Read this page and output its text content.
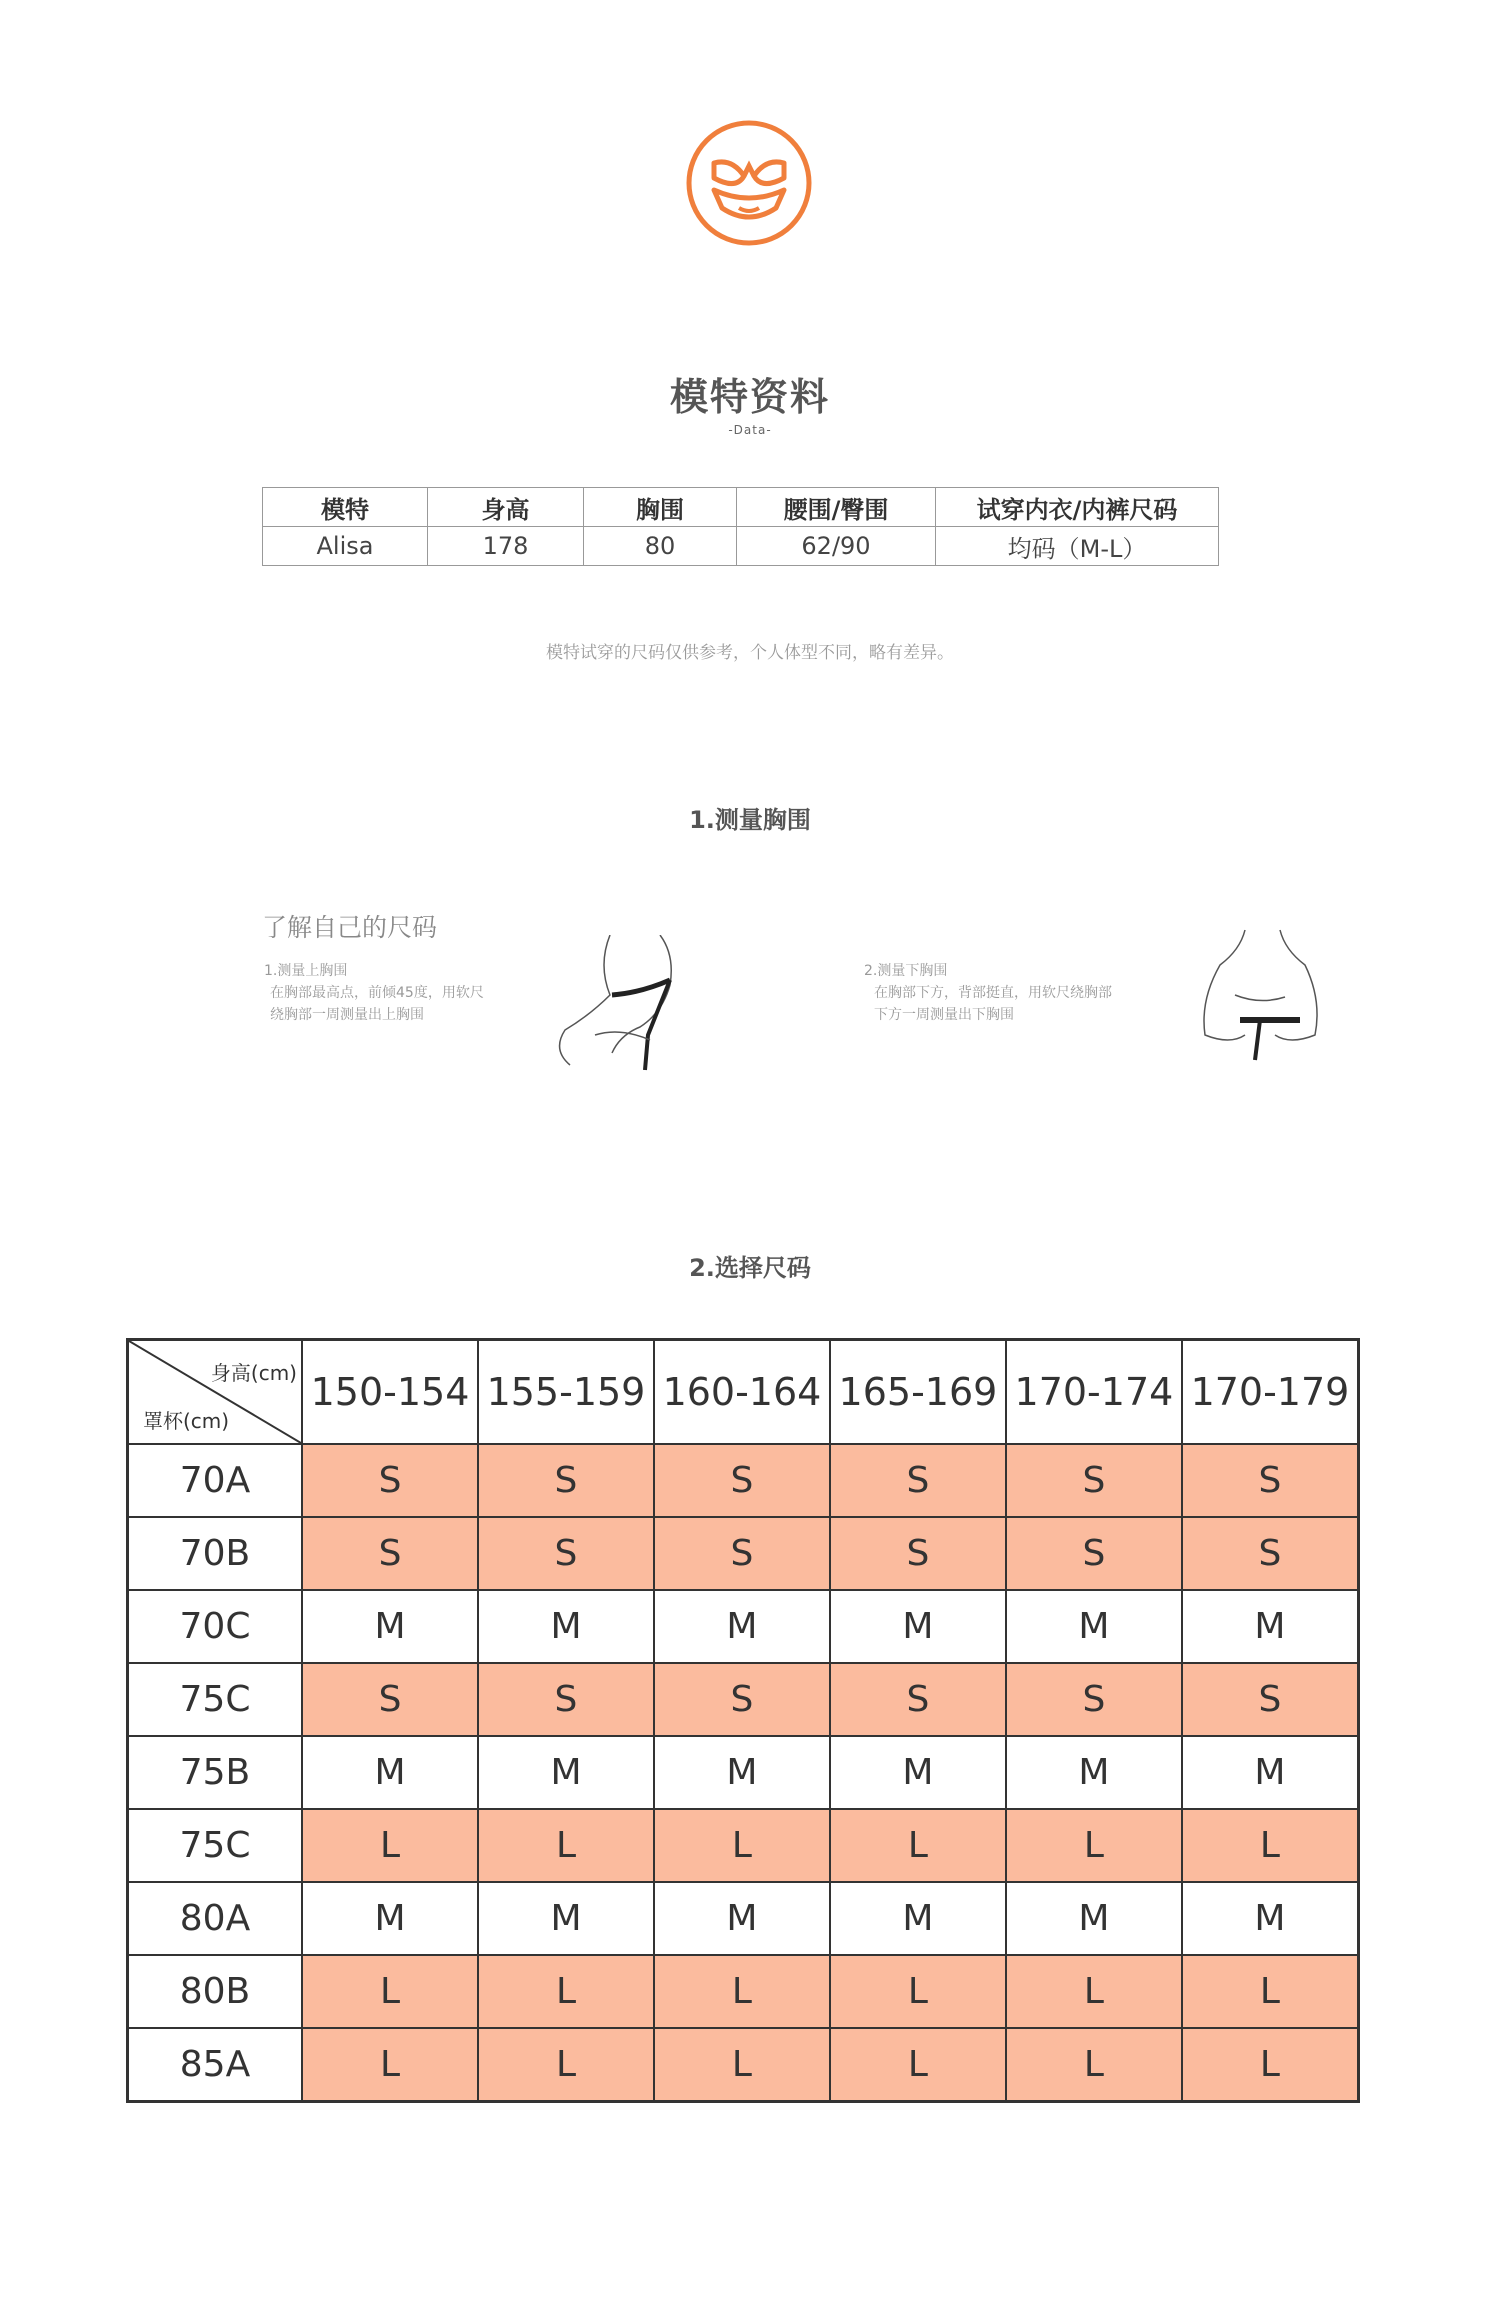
模特资料
-Data-
模特	身高	胸围	腰围/臀围	试穿内衣/内裤尺码
Alisa	178	80	62/90	均码（M-L）
模特试穿的尺码仅供参考，个人体型不同，略有差异。
1.测量胸围
了解自己的尺码
1.测量上胸围
在胸部最高点，前倾45度，用软尺
绕胸部一周测量出上胸围
2.测量下胸围
在胸部下方，背部挺直，用软尺绕胸部
下方一周测量出下胸围
2.选择尺码
身高(cm)
罩杯(cm)	150-154	155-159	160-164	165-169	170-174	170-179
70A	S	S	S	S	S	S
70B	S	S	S	S	S	S
70C	M	M	M	M	M	M
75C	S	S	S	S	S	S
75B	M	M	M	M	M	M
75C	L	L	L	L	L	L
80A	M	M	M	M	M	M
80B	L	L	L	L	L	L
85A	L	L	L	L	L	L
